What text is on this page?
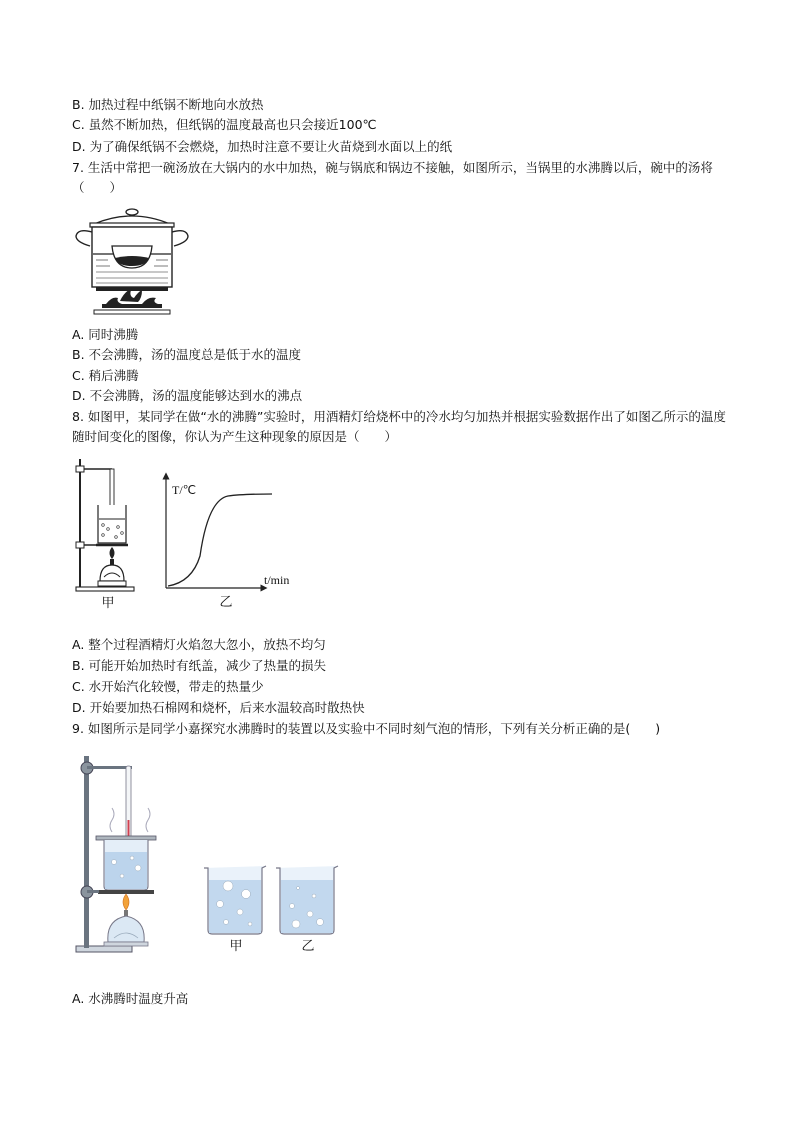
B. 加热过程中纸锅不断地向水放热
C. 虽然不断加热，但纸锅的温度最高也只会接近100℃
D. 为了确保纸锅不会燃烧，加热时注意不要让火苗烧到水面以上的纸
7. 生活中常把一碗汤放在大锅内的水中加热，碗与锅底和锅边不接触，如图所示，当锅里的水沸腾以后，碗中的汤将（　　）
A. 同时沸腾
B. 不会沸腾，汤的温度总是低于水的温度
C. 稍后沸腾
D. 不会沸腾，汤的温度能够达到水的沸点
8. 如图甲，某同学在做“水的沸腾”实验时，用酒精灯给烧杯中的冷水均匀加热并根据实验数据作出了如图乙所示的温度随时间变化的图像，你认为产生这种现象的原因是（　　）
甲
T/℃
t/min
乙
A. 整个过程酒精灯火焰忽大忽小，放热不均匀
B. 可能开始加热时有纸盖，减少了热量的损失
C. 水开始汽化较慢，带走的热量少
D. 开始要加热石棉网和烧杯，后来水温较高时散热快
9. 如图所示是同学小嘉探究水沸腾时的装置以及实验中不同时刻气泡的情形，下列有关分析正确的是(　　)
甲	乙
A. 水沸腾时温度升高
